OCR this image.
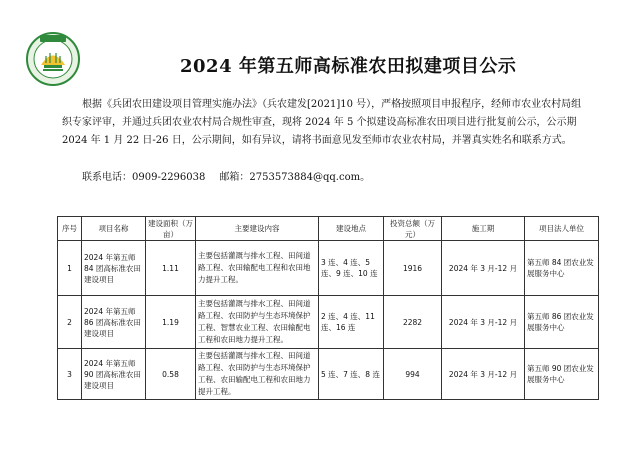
2024 年第五师高标准农田拟建项目公示
根据《兵团农田建设项目管理实施办法》（兵农建发[2021]10 号），严格按照项目申报程序，经师市农业农村局组织专家评审，并通过兵团农业农村局合规性审查，现将 2024 年 5 个拟建设高标准农田项目进行批复前公示，公示期 2024 年 1 月 22 日-26 日，公示期间，如有异议，请将书面意见发至师市农业农村局，并署真实姓名和联系方式。
联系电话：0909-2296038 邮箱：2753573884@qq.com。
序号	项目名称	建设面积（万亩）	主要建设内容	建设地点	投资总额（万元）	施工期	项目法人单位
1	2024 年第五师 84 团高标准农田建设项目	1.11	主要包括灌溉与排水工程、田间道路工程、农田输配电工程和农田地力提升工程。	3 连、4 连、5 连、9 连、10 连	1916	2024 年 3 月-12 月	第五师 84 团农业发展服务中心
2	2024 年第五师 86 团高标准农田建设项目	1.19	主要包括灌溉与排水工程、田间道路工程、农田防护与生态环境保护工程、智慧农业工程、农田输配电工程和农田地力提升工程。	2 连、4 连、11 连、16 连	2282	2024 年 3 月-12 月	第五师 86 团农业发展服务中心
3	2024 年第五师 90 团高标准农田建设项目	0.58	主要包括灌溉与排水工程、田间道路工程、农田防护与生态环境保护工程、农田输配电工程和农田地力提升工程。	5 连、7 连、8 连	994	2024 年 3 月-12 月	第五师 90 团农业发展服务中心
